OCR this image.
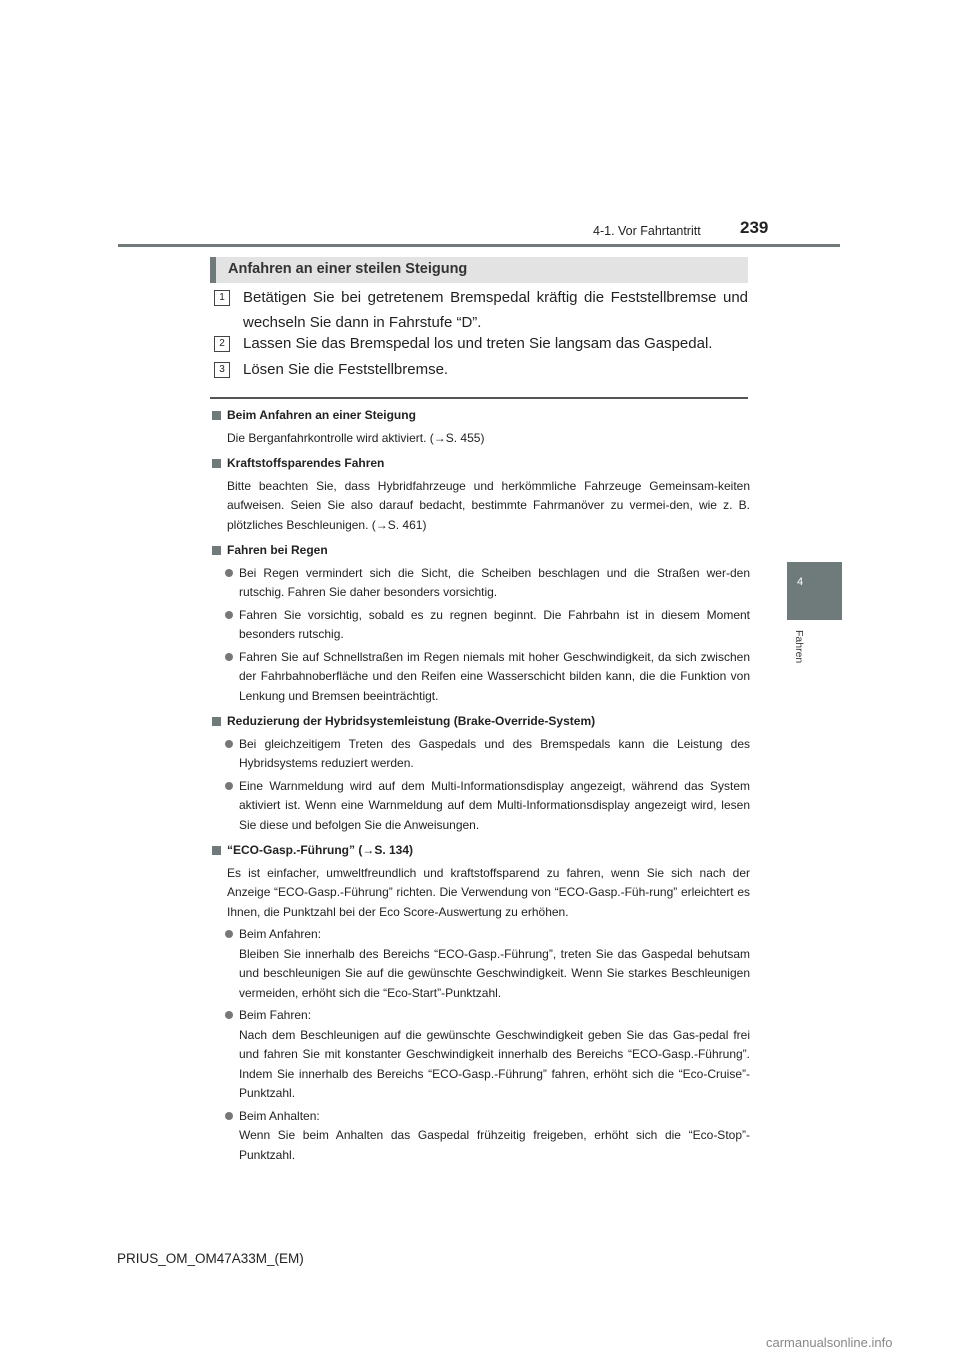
4-1. Vor Fahrtantritt 239
4
Fahren
Anfahren an einer steilen Steigung
1	Betätigen Sie bei getretenem Bremspedal kräftig die Feststellbremse und wechseln Sie dann in Fahrstufe “D”.
2	Lassen Sie das Bremspedal los und treten Sie langsam das Gaspedal.
3	Lösen Sie die Feststellbremse.
Beim Anfahren an einer Steigung
Die Berganfahrkontrolle wird aktiviert. (→S. 455)
Kraftstoffsparendes Fahren
Bitte beachten Sie, dass Hybridfahrzeuge und herkömmliche Fahrzeuge Gemeinsam-keiten aufweisen. Seien Sie also darauf bedacht, bestimmte Fahrmanöver zu vermei-den, wie z. B. plötzliches Beschleunigen. (→S. 461)
Fahren bei Regen
Bei Regen vermindert sich die Sicht, die Scheiben beschlagen und die Straßen wer-den rutschig. Fahren Sie daher besonders vorsichtig.
Fahren Sie vorsichtig, sobald es zu regnen beginnt. Die Fahrbahn ist in diesem Moment besonders rutschig.
Fahren Sie auf Schnellstraßen im Regen niemals mit hoher Geschwindigkeit, da sich zwischen der Fahrbahnoberfläche und den Reifen eine Wasserschicht bilden kann, die die Funktion von Lenkung und Bremsen beeinträchtigt.
Reduzierung der Hybridsystemleistung (Brake-Override-System)
Bei gleichzeitigem Treten des Gaspedals und des Bremspedals kann die Leistung des Hybridsystems reduziert werden.
Eine Warnmeldung wird auf dem Multi-Informationsdisplay angezeigt, während das System aktiviert ist. Wenn eine Warnmeldung auf dem Multi-Informationsdisplay angezeigt wird, lesen Sie diese und befolgen Sie die Anweisungen.
“ECO-Gasp.-Führung” (→S. 134)
Es ist einfacher, umweltfreundlich und kraftstoffsparend zu fahren, wenn Sie sich nach der Anzeige “ECO-Gasp.-Führung” richten. Die Verwendung von “ECO-Gasp.-Füh-rung” erleichtert es Ihnen, die Punktzahl bei der Eco Score-Auswertung zu erhöhen.
Beim Anfahren:
Bleiben Sie innerhalb des Bereichs “ECO-Gasp.-Führung”, treten Sie das Gaspedal behutsam und beschleunigen Sie auf die gewünschte Geschwindigkeit. Wenn Sie starkes Beschleunigen vermeiden, erhöht sich die “Eco-Start”-Punktzahl.
Beim Fahren:
Nach dem Beschleunigen auf die gewünschte Geschwindigkeit geben Sie das Gas-pedal frei und fahren Sie mit konstanter Geschwindigkeit innerhalb des Bereichs “ECO-Gasp.-Führung”. Indem Sie innerhalb des Bereichs “ECO-Gasp.-Führung” fahren, erhöht sich die “Eco-Cruise”-Punktzahl.
Beim Anhalten:
Wenn Sie beim Anhalten das Gaspedal frühzeitig freigeben, erhöht sich die “Eco-Stop”-Punktzahl.
PRIUS_OM_OM47A33M_(EM)
carmanualsonline.info
